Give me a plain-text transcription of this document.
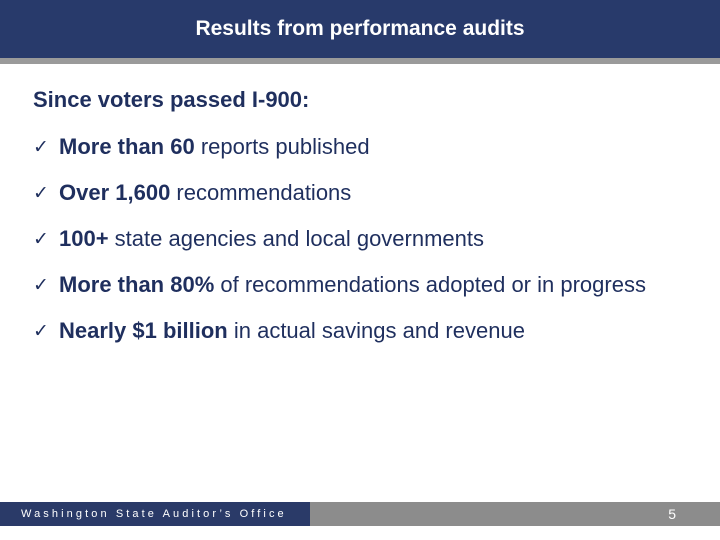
Results from performance audits
Since voters passed I-900:
✓ More than 60 reports published
✓ Over 1,600 recommendations
✓ 100+ state agencies and local governments
✓ More than 80% of recommendations adopted or in progress
✓ Nearly $1 billion in actual savings and revenue
Washington State Auditor’s Office	5
